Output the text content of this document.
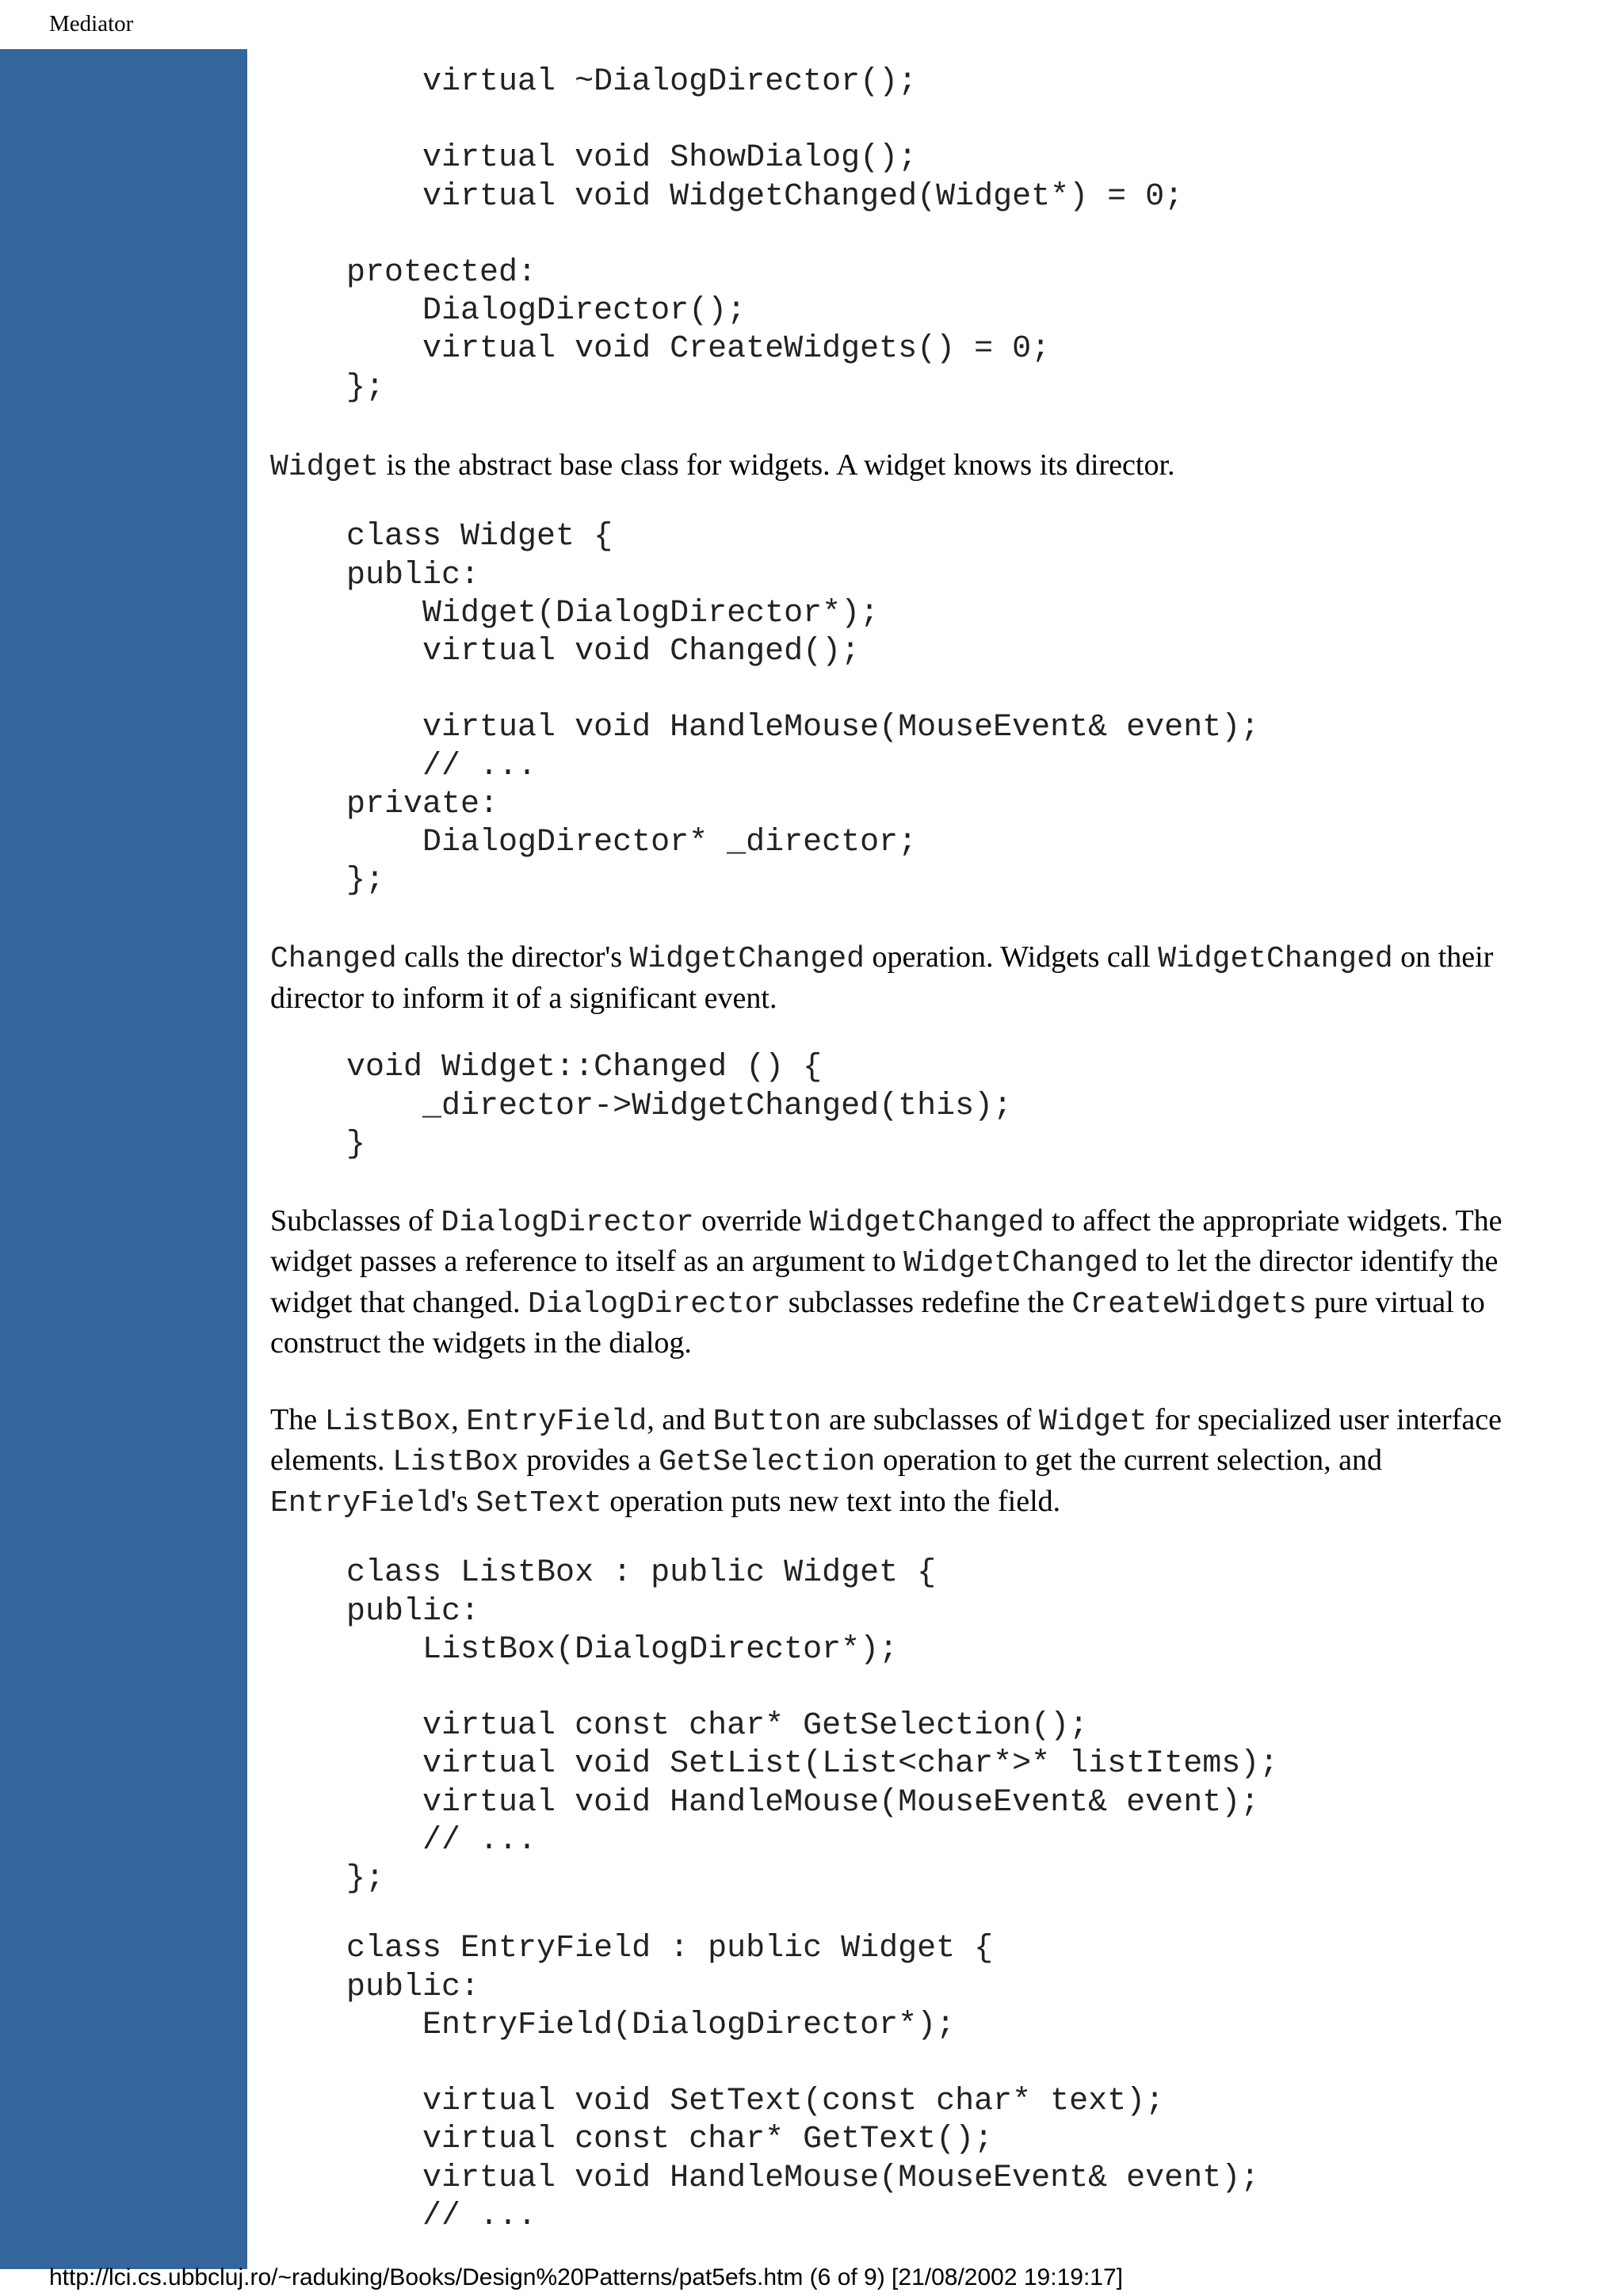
Mediator
virtual ~DialogDirector();

virtual void ShowDialog();
virtual void WidgetChanged(Widget*) = 0;

protected:
DialogDirector();
virtual void CreateWidgets() = 0;
};

Widget is the abstract base class for widgets. A widget knows its director.

class Widget {
public:
Widget(DialogDirector*);
virtual void Changed();

virtual void HandleMouse(MouseEvent& event);
// ...
private:
DialogDirector* _director;
};

Changed calls the director's WidgetChanged operation. Widgets call WidgetChanged on their director to inform it of a significant event.

void Widget::Changed () {
_director->WidgetChanged(this);
}

Subclasses of DialogDirector override WidgetChanged to affect the appropriate widgets. The widget passes a reference to itself as an argument to WidgetChanged to let the director identify the widget that changed. DialogDirector subclasses redefine the CreateWidgets pure virtual to construct the widgets in the dialog.

The ListBox, EntryField, and Button are subclasses of Widget for specialized user interface elements. ListBox provides a GetSelection operation to get the current selection, and EntryField's SetText operation puts new text into the field.

class ListBox : public Widget {
public:
ListBox(DialogDirector*);

virtual const char* GetSelection();
virtual void SetList(List<char*>* listItems);
virtual void HandleMouse(MouseEvent& event);
// ...
};
class EntryField : public Widget {
public:
EntryField(DialogDirector*);

virtual void SetText(const char* text);
virtual const char* GetText();
virtual void HandleMouse(MouseEvent& event);
// ...
http://lci.cs.ubbcluj.ro/~raduking/Books/Design%20Patterns/pat5efs.htm (6 of 9) [21/08/2002 19:19:17]
